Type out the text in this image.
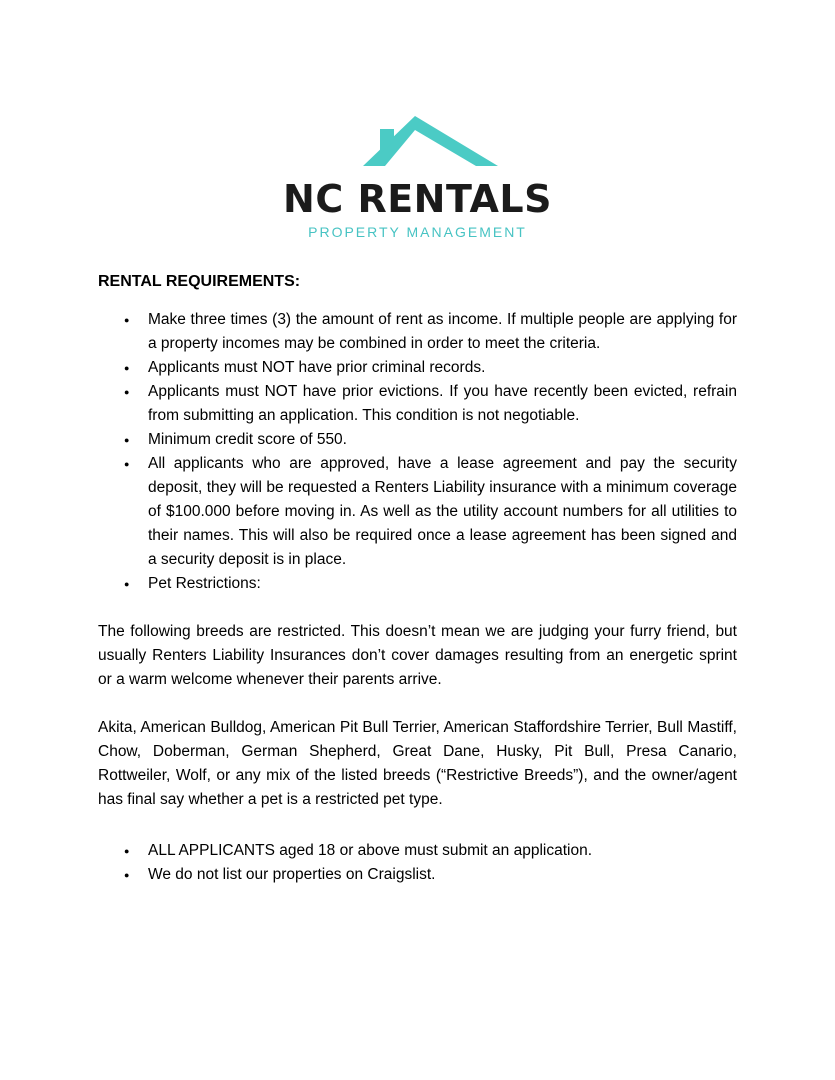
NC RENTALS
PROPERTY MANAGEMENT
RENTAL REQUIREMENTS:
● Make three times (3) the amount of rent as income. If multiple people are applying for a property incomes may be combined in order to meet the criteria.
● Applicants must NOT have prior criminal records.
● Applicants must NOT have prior evictions. If you have recently been evicted, refrain from submitting an application. This condition is not negotiable.
● Minimum credit score of 550.
● All applicants who are approved, have a lease agreement and pay the security deposit, they will be requested a Renters Liability insurance with a minimum coverage of $100.000 before moving in. As well as the utility account numbers for all utilities to their names. This will also be required once a lease agreement has been signed and a security deposit is in place.
● Pet Restrictions:

The following breeds are restricted. This doesn’t mean we are judging your furry friend, but usually Renters Liability Insurances don’t cover damages resulting from an energetic sprint or a warm welcome whenever their parents arrive.

Akita, American Bulldog, American Pit Bull Terrier, American Staffordshire Terrier, Bull Mastiff, Chow, Doberman, German Shepherd, Great Dane, Husky, Pit Bull, Presa Canario, Rottweiler, Wolf, or any mix of the listed breeds (“Restrictive Breeds”), and the owner/agent has final say whether a pet is a restricted pet type.

● ALL APPLICANTS aged 18 or above must submit an application.
● We do not list our properties on Craigslist.
